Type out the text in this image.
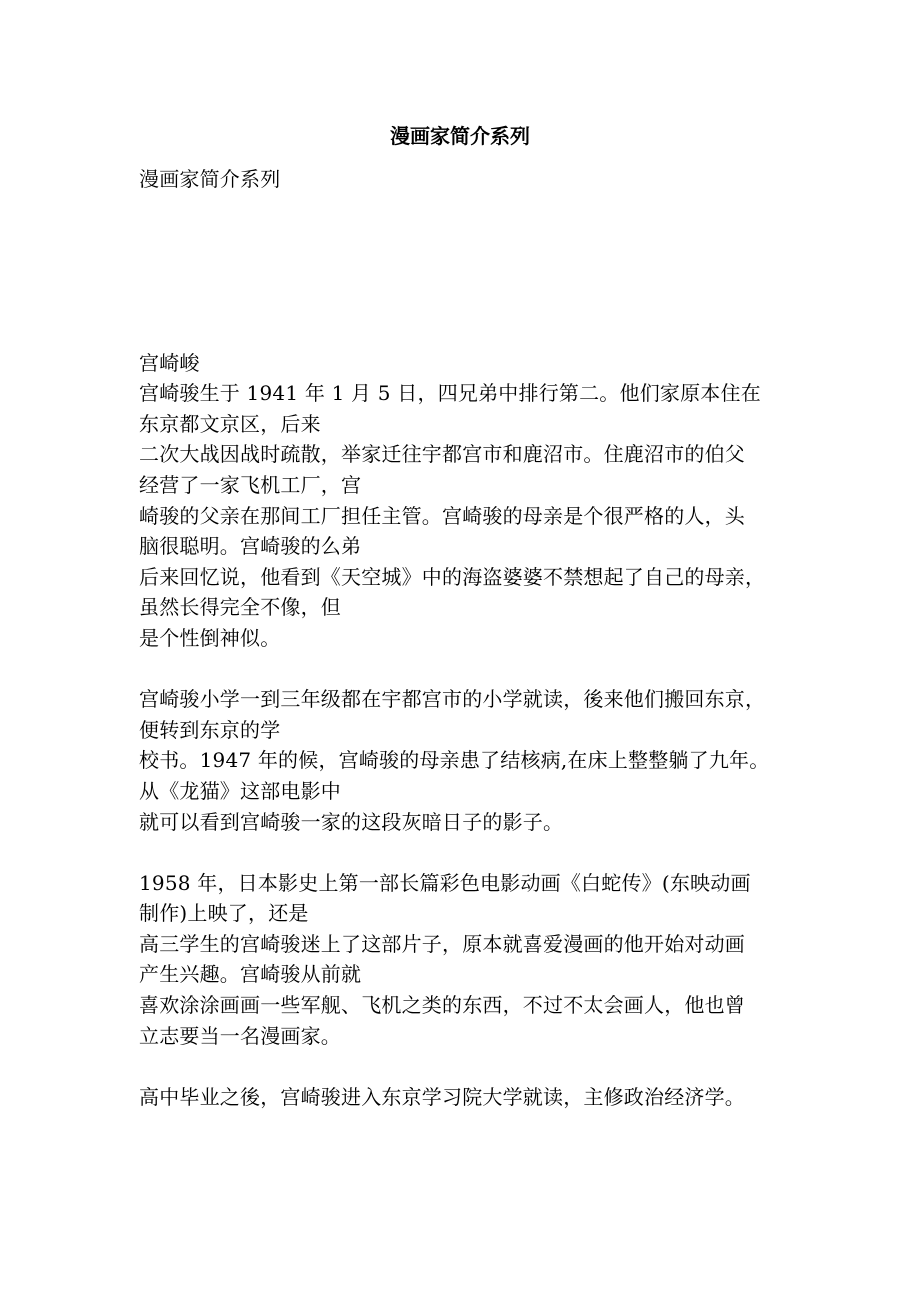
漫画家简介系列
漫画家简介系列
宫崎峻
宫崎骏生于 1941 年 1 月 5 日，四兄弟中排行第二。他们家原本住在
东京都文京区，后来
二次大战因战时疏散，举家迁往宇都宫市和鹿沼市。住鹿沼市的伯父
经营了一家飞机工厂，宫
崎骏的父亲在那间工厂担任主管。宫崎骏的母亲是个很严格的人，头
脑很聪明。宫崎骏的么弟
后来回忆说，他看到《天空城》中的海盗婆婆不禁想起了自己的母亲，
虽然长得完全不像，但
是个性倒神似。
宫崎骏小学一到三年级都在宇都宫市的小学就读，後来他们搬回东京，
便转到东京的学
校书。1947 年的候，宫崎骏的母亲患了结核病,在床上整整躺了九年。
从《龙猫》这部电影中
就可以看到宫崎骏一家的这段灰暗日子的影子。
1958 年，日本影史上第一部长篇彩色电影动画《白蛇传》(东映动画
制作)上映了，还是
高三学生的宫崎骏迷上了这部片子，原本就喜爱漫画的他开始对动画
产生兴趣。宫崎骏从前就
喜欢涂涂画画一些军舰、飞机之类的东西，不过不太会画人，他也曾
立志要当一名漫画家。
高中毕业之後，宫崎骏进入东京学习院大学就读，主修政治经济学。
